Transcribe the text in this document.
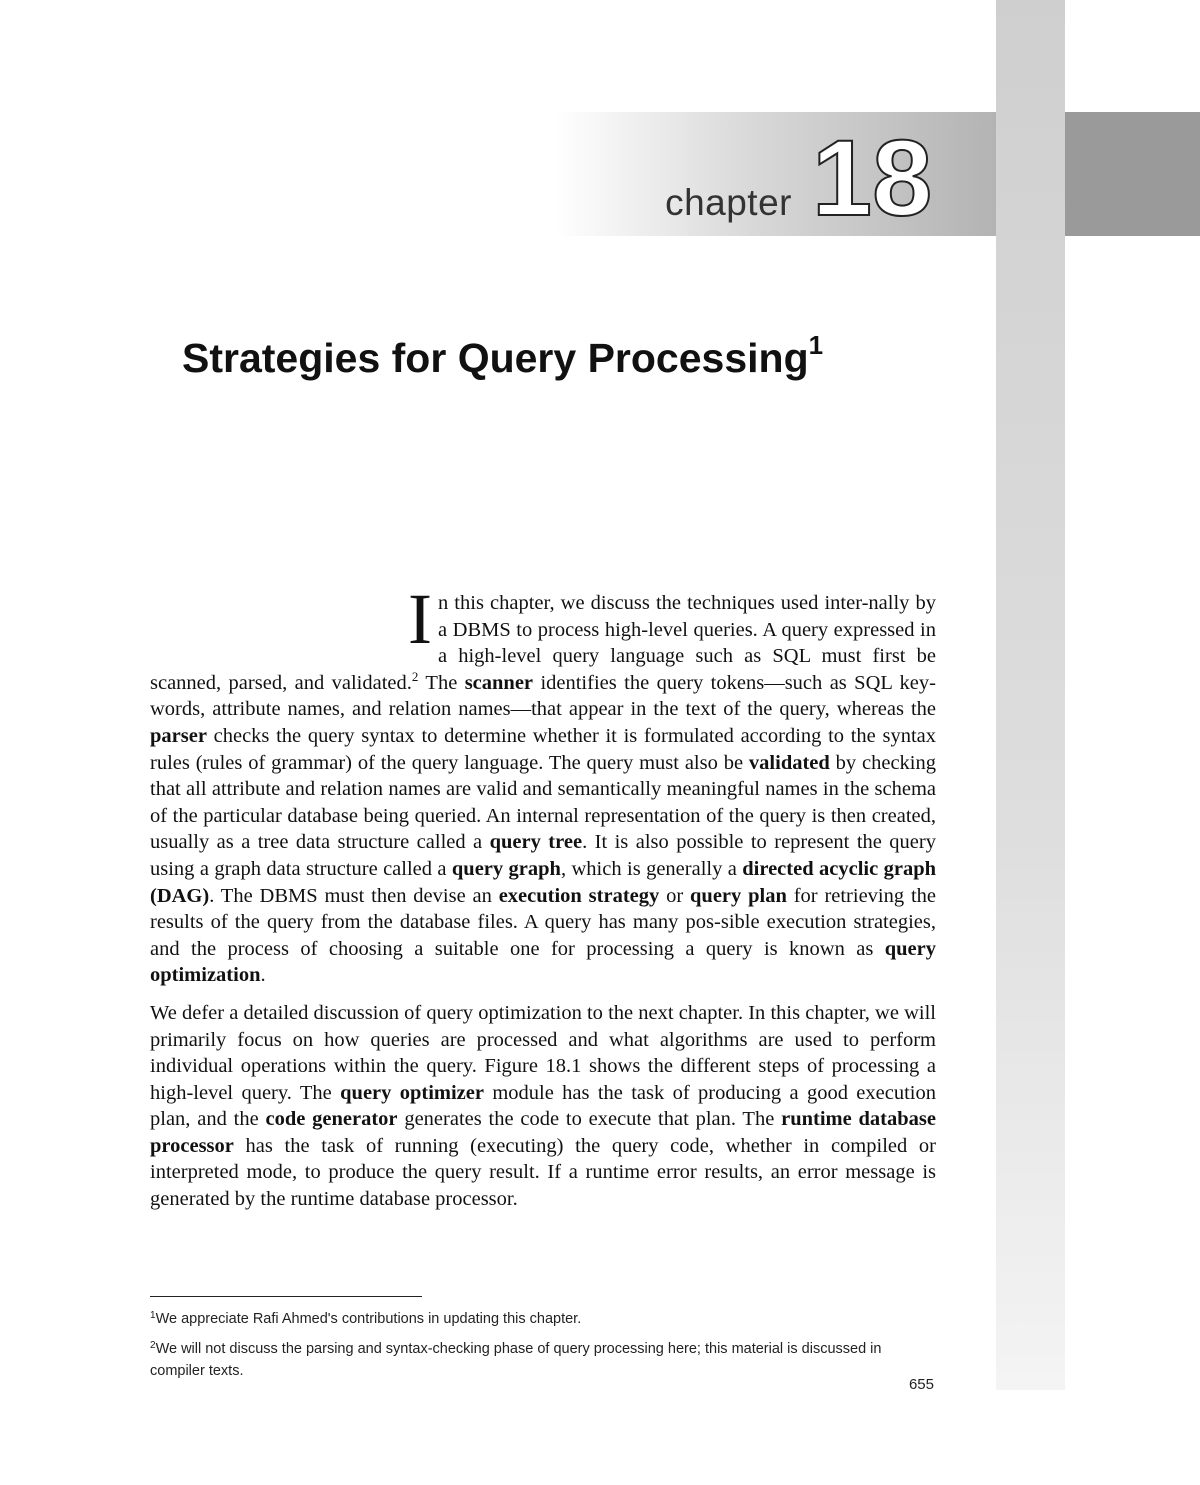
chapter 18
Strategies for Query Processing$^1$

In this chapter, we discuss the techniques used inter-nally by a DBMS to process high-level queries. A query expressed in a high-level query language such as SQL must first be scanned, parsed, and validated.$^2$ The scanner identifies the query tokens—such as SQL key-words, attribute names, and relation names—that appear in the text of the query, whereas the parser checks the query syntax to determine whether it is formulated according to the syntax rules (rules of grammar) of the query language. The query must also be validated by checking that all attribute and relation names are valid and semantically meaningful names in the schema of the particular database being queried. An internal representation of the query is then created, usually as a tree data structure called a query tree. It is also possible to represent the query using a graph data structure called a query graph, which is generally a directed acyclic graph (DAG). The DBMS must then devise an execution strategy or query plan for retrieving the results of the query from the database files. A query has many pos-sible execution strategies, and the process of choosing a suitable one for processing a query is known as query optimization.

We defer a detailed discussion of query optimization to the next chapter. In this chapter, we will primarily focus on how queries are processed and what algorithms are used to perform individual operations within the query. Figure 18.1 shows the different steps of processing a high-level query. The query optimizer module has the task of producing a good execution plan, and the code generator generates the code to execute that plan. The runtime database processor has the task of running (executing) the query code, whether in compiled or interpreted mode, to produce the query result. If a runtime error results, an error message is generated by the runtime database processor.

$^1$We appreciate Rafi Ahmed's contributions in updating this chapter.

$^2$We will not discuss the parsing and syntax-checking phase of query processing here; this material is discussed in compiler texts.

655
